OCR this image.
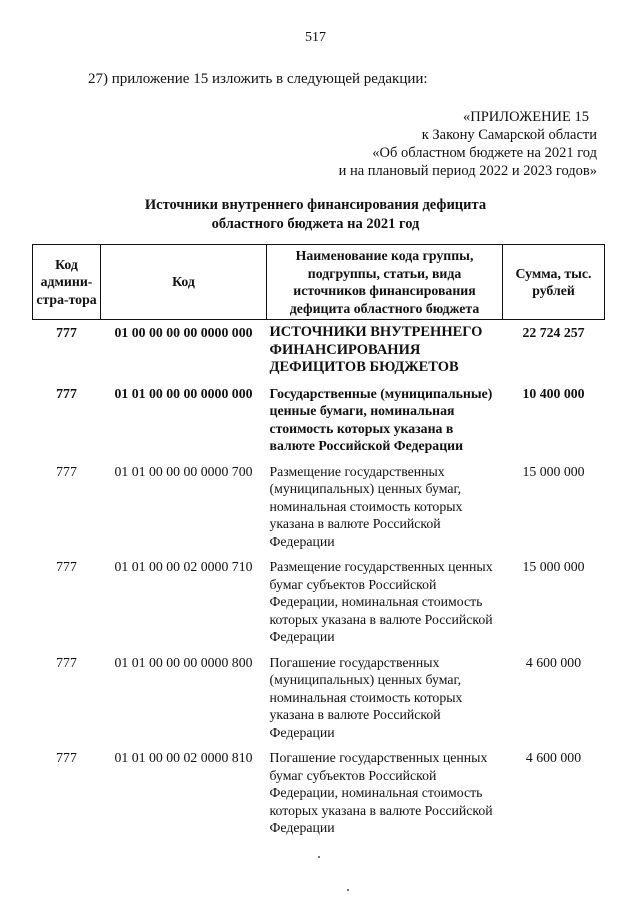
517
27) приложение 15 изложить в следующей редакции:
«ПРИЛОЖЕНИЕ 15
к Закону Самарской области
«Об областном бюджете на 2021 год
и на плановый период 2022 и 2023 годов»
Источники внутреннего финансирования дефицита
областного бюджета на 2021 год
Код админи-стра-тора	Код	Наименование кода группы, подгруппы, статьи, вида источников финансирования дефицита областного бюджета	Сумма, тыс. рублей
777	01 00 00 00 00 0000 000	ИСТОЧНИКИ ВНУТРЕННЕГО ФИНАНСИРОВАНИЯ ДЕФИЦИТОВ БЮДЖЕТОВ	22 724 257
777	01 01 00 00 00 0000 000	Государственные (муниципальные) ценные бумаги, номинальная стоимость которых указана в валюте Российской Федерации	10 400 000
777	01 01 00 00 00 0000 700	Размещение государственных (муниципальных) ценных бумаг, номинальная стоимость которых указана в валюте Российской Федерации	15 000 000
777	01 01 00 00 02 0000 710	Размещение государственных ценных бумаг субъектов Российской Федерации, номинальная стоимость которых указана в валюте Российской Федерации	15 000 000
777	01 01 00 00 00 0000 800	Погашение государственных (муниципальных) ценных бумаг, номинальная стоимость которых указана в валюте Российской Федерации	4 600 000
777	01 01 00 00 02 0000 810	Погашение государственных ценных бумаг субъектов Российской Федерации, номинальная стоимость которых указана в валюте Российской Федерации	4 600 000
